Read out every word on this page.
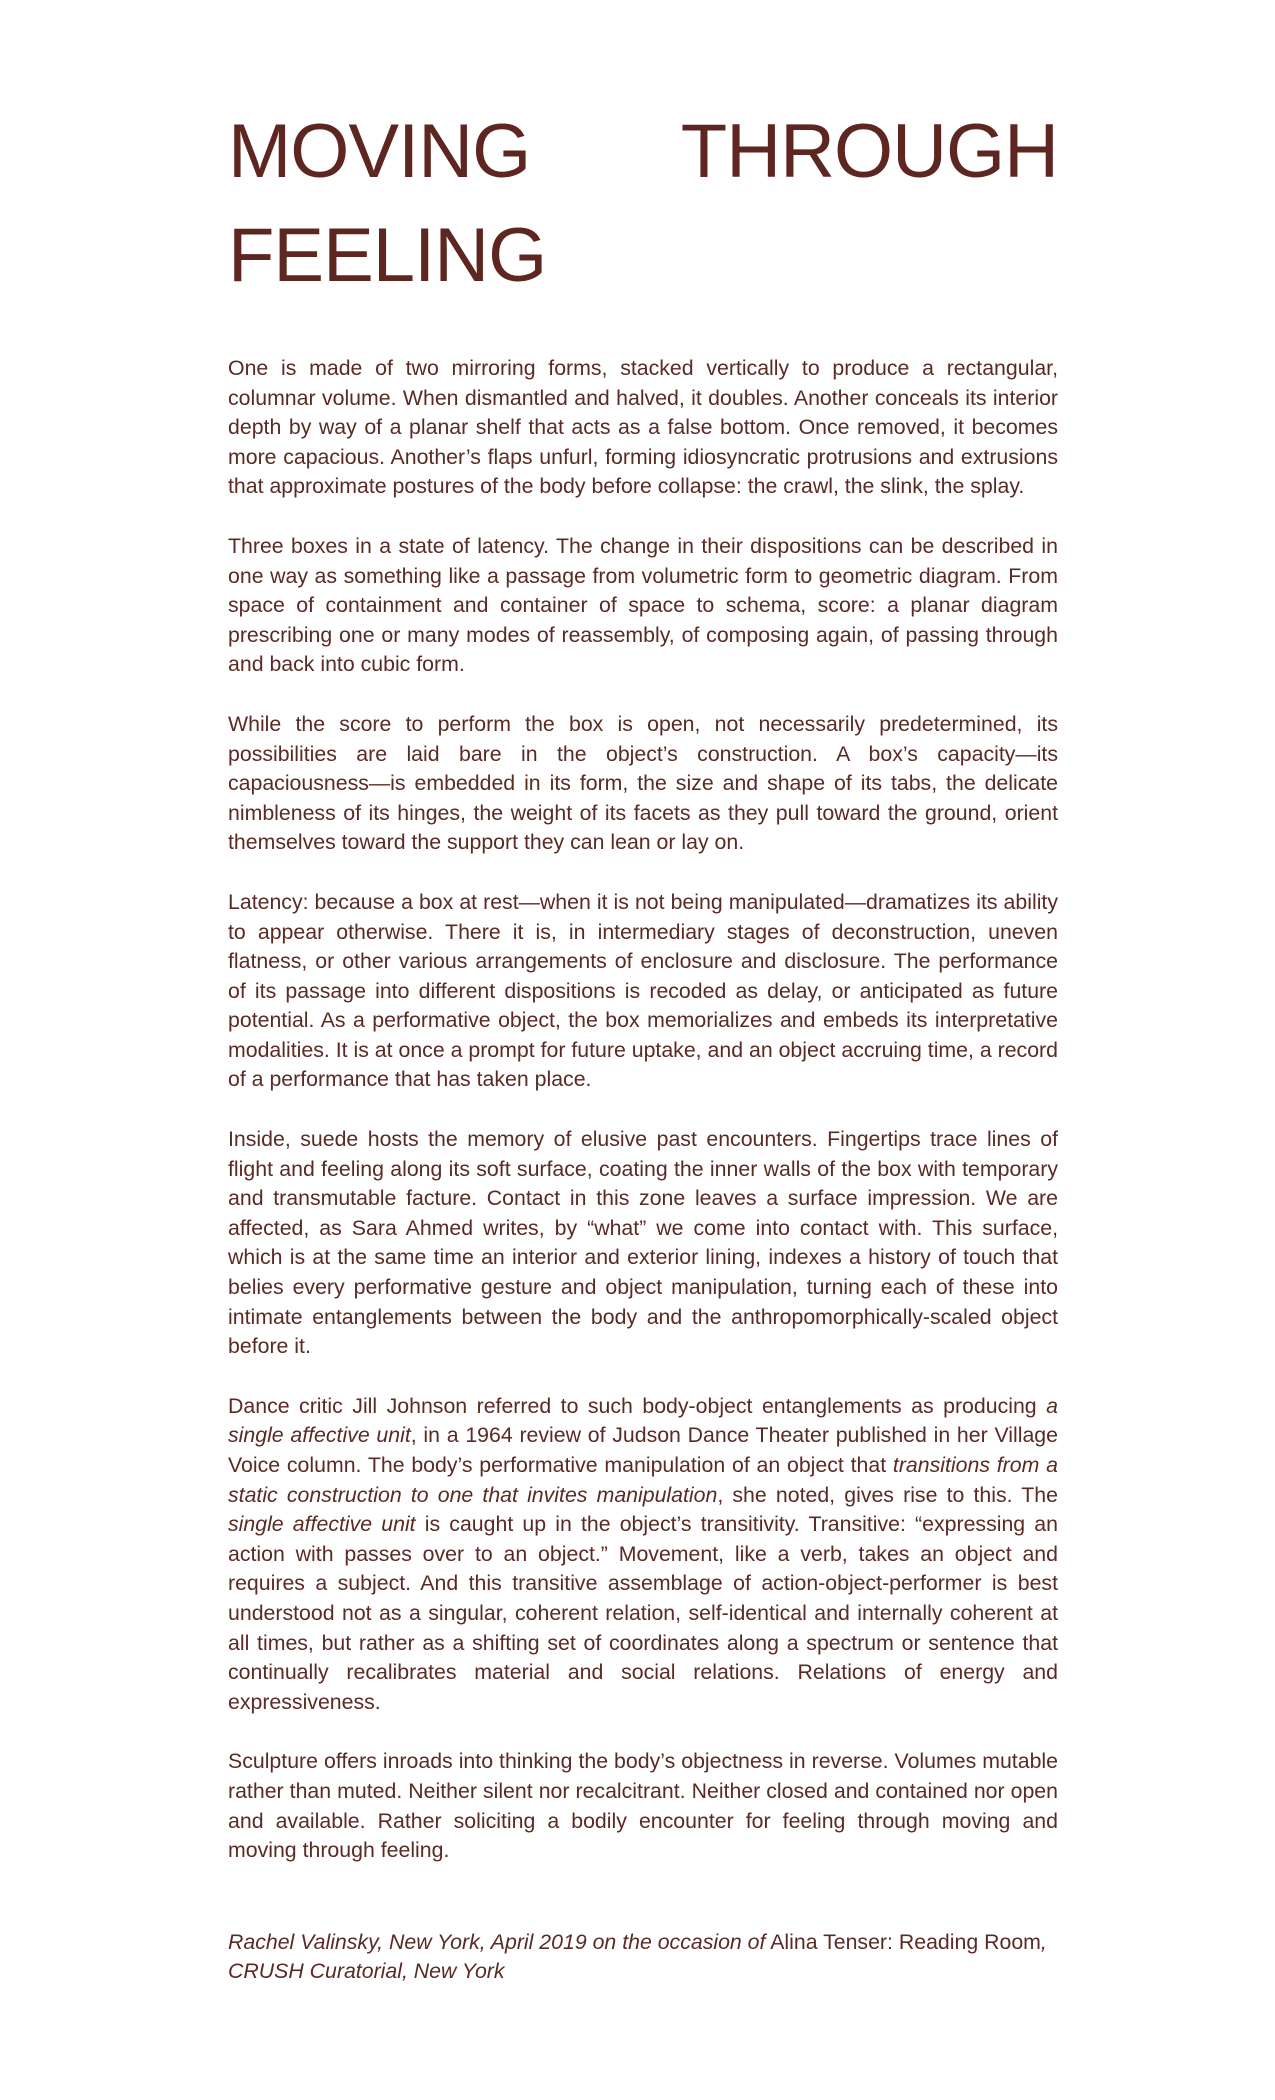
MOVING THROUGH
FEELING

One is made of two mirroring forms, stacked vertically to produce a rectangular, columnar volume. When dismantled and halved, it doubles. Another conceals its interior depth by way of a planar shelf that acts as a false bottom. Once removed, it becomes more capacious. Another’s flaps unfurl, forming idiosyncratic protrusions and extrusions that approximate postures of the body before collapse: the crawl, the slink, the splay.

Three boxes in a state of latency. The change in their dispositions can be described in one way as something like a passage from volumetric form to geometric diagram. From space of containment and container of space to schema, score: a planar diagram prescribing one or many modes of reassembly, of composing again, of passing through and back into cubic form.

While the score to perform the box is open, not necessarily predetermined, its possibilities are laid bare in the object’s construction. A box’s capacity—its capaciousness—is embedded in its form, the size and shape of its tabs, the delicate nimbleness of its hinges, the weight of its facets as they pull toward the ground, orient themselves toward the support they can lean or lay on.

Latency: because a box at rest—when it is not being manipulated—dramatizes its ability to appear otherwise. There it is, in intermediary stages of deconstruction, uneven flatness, or other various arrangements of enclosure and disclosure. The performance of its passage into different dispositions is recoded as delay, or anticipated as future potential. As a performative object, the box memorializes and embeds its interpretative modalities. It is at once a prompt for future uptake, and an object accruing time, a record of a performance that has taken place.

Inside, suede hosts the memory of elusive past encounters. Fingertips trace lines of flight and feeling along its soft surface, coating the inner walls of the box with temporary and transmutable facture. Contact in this zone leaves a surface impression. We are affected, as Sara Ahmed writes, by “what” we come into contact with. This surface, which is at the same time an interior and exterior lining, indexes a history of touch that belies every performative gesture and object manipulation, turning each of these into intimate entanglements between the body and the anthropomorphically-scaled object before it.

Dance critic Jill Johnson referred to such body-object entanglements as producing a single affective unit, in a 1964 review of Judson Dance Theater published in her Village Voice column. The body’s performative manipulation of an object that transitions from a static construction to one that invites manipulation, she noted, gives rise to this. The single affective unit is caught up in the object’s transitivity. Transitive: “expressing an action with passes over to an object.” Movement, like a verb, takes an object and requires a subject. And this transitive assemblage of action-object-performer is best understood not as a singular, coherent relation, self-identical and internally coherent at all times, but rather as a shifting set of coordinates along a spectrum or sentence that continually recalibrates material and social relations. Relations of energy and expressiveness.

Sculpture offers inroads into thinking the body’s objectness in reverse. Volumes mutable rather than muted. Neither silent nor recalcitrant. Neither closed and contained nor open and available. Rather soliciting a bodily encounter for feeling through moving and moving through feeling.

Rachel Valinsky, New York, April 2019 on the occasion of Alina Tenser: Reading Room, CRUSH Curatorial, New York
